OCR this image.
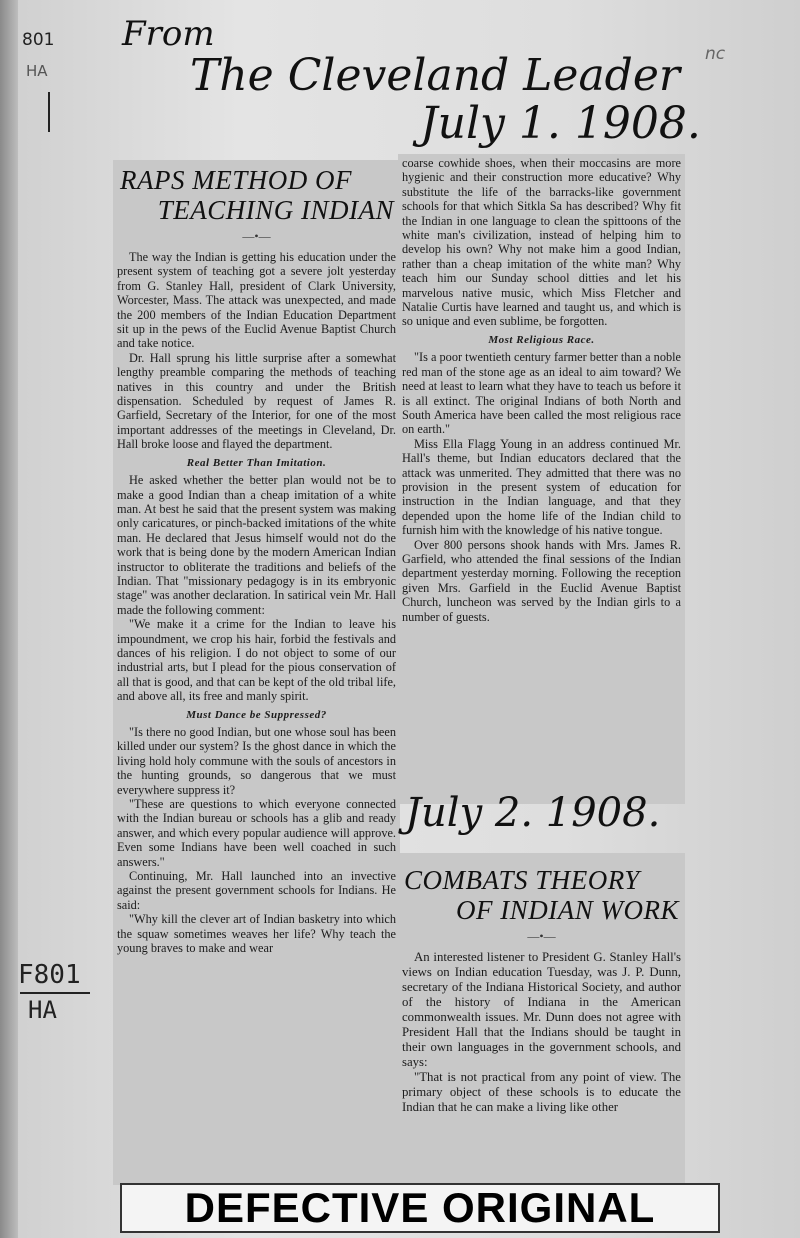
801
HA
nc
F801
HA
From
The Cleveland Leader
July 1. 1908.
RAPS METHOD OF
TEACHING INDIAN
—•—

The way the Indian is getting his education under the present system of teaching got a severe jolt yesterday from G. Stanley Hall, president of Clark University, Worcester, Mass. The attack was unexpected, and made the 200 members of the Indian Education Department sit up in the pews of the Euclid Avenue Baptist Church and take notice.

Dr. Hall sprung his little surprise after a somewhat lengthy preamble comparing the methods of teaching natives in this country and under the British dispensation. Scheduled by request of James R. Garfield, Secretary of the Interior, for one of the most important addresses of the meetings in Cleveland, Dr. Hall broke loose and flayed the department.

Real Better Than Imitation.

He asked whether the better plan would not be to make a good Indian than a cheap imitation of a white man. At best he said that the present system was making only caricatures, or pinch-backed imitations of the white man. He declared that Jesus himself would not do the work that is being done by the modern American Indian instructor to obliterate the traditions and beliefs of the Indian. That "missionary pedagogy is in its embryonic stage" was another declaration. In satirical vein Mr. Hall made the following comment:

"We make it a crime for the Indian to leave his impoundment, we crop his hair, forbid the festivals and dances of his religion. I do not object to some of our industrial arts, but I plead for the pious conservation of all that is good, and that can be kept of the old tribal life, and above all, its free and manly spirit.

Must Dance be Suppressed?

"Is there no good Indian, but one whose soul has been killed under our system? Is the ghost dance in which the living hold holy commune with the souls of ancestors in the hunting grounds, so dangerous that we must everywhere suppress it?

"These are questions to which everyone connected with the Indian bureau or schools has a glib and ready answer, and which every popular audience will approve. Even some Indians have been well coached in such answers."

Continuing, Mr. Hall launched into an invective against the present government schools for Indians. He said:

"Why kill the clever art of Indian basketry into which the squaw sometimes weaves her life? Why teach the young braves to make and wear

coarse cowhide shoes, when their moccasins are more hygienic and their construction more educative? Why substitute the life of the barracks-like government schools for that which Sitkla Sa has described? Why fit the Indian in one language to clean the spittoons of the white man's civilization, instead of helping him to develop his own? Why not make him a good Indian, rather than a cheap imitation of the white man? Why teach him our Sunday school ditties and let his marvelous native music, which Miss Fletcher and Natalie Curtis have learned and taught us, and which is so unique and even sublime, be forgotten.

Most Religious Race.

"Is a poor twentieth century farmer better than a noble red man of the stone age as an ideal to aim toward? We need at least to learn what they have to teach us before it is all extinct. The original Indians of both North and South America have been called the most religious race on earth."

Miss Ella Flagg Young in an address continued Mr. Hall's theme, but Indian educators declared that the attack was unmerited. They admitted that there was no provision in the present system of education for instruction in the Indian language, and that they depended upon the home life of the Indian child to furnish him with the knowledge of his native tongue.

Over 800 persons shook hands with Mrs. James R. Garfield, who attended the final sessions of the Indian department yesterday morning. Following the reception given Mrs. Garfield in the Euclid Avenue Baptist Church, luncheon was served by the Indian girls to a number of guests.

July 2. 1908.
COMBATS THEORY
OF INDIAN WORK
—•—

An interested listener to President G. Stanley Hall's views on Indian education Tuesday, was J. P. Dunn, secretary of the Indiana Historical Society, and author of the history of Indiana in the American commonwealth issues. Mr. Dunn does not agree with President Hall that the Indians should be taught in their own languages in the government schools, and says:

"That is not practical from any point of view. The primary object of these schools is to educate the Indian that he can make a living like other

DEFECTIVE ORIGINAL
